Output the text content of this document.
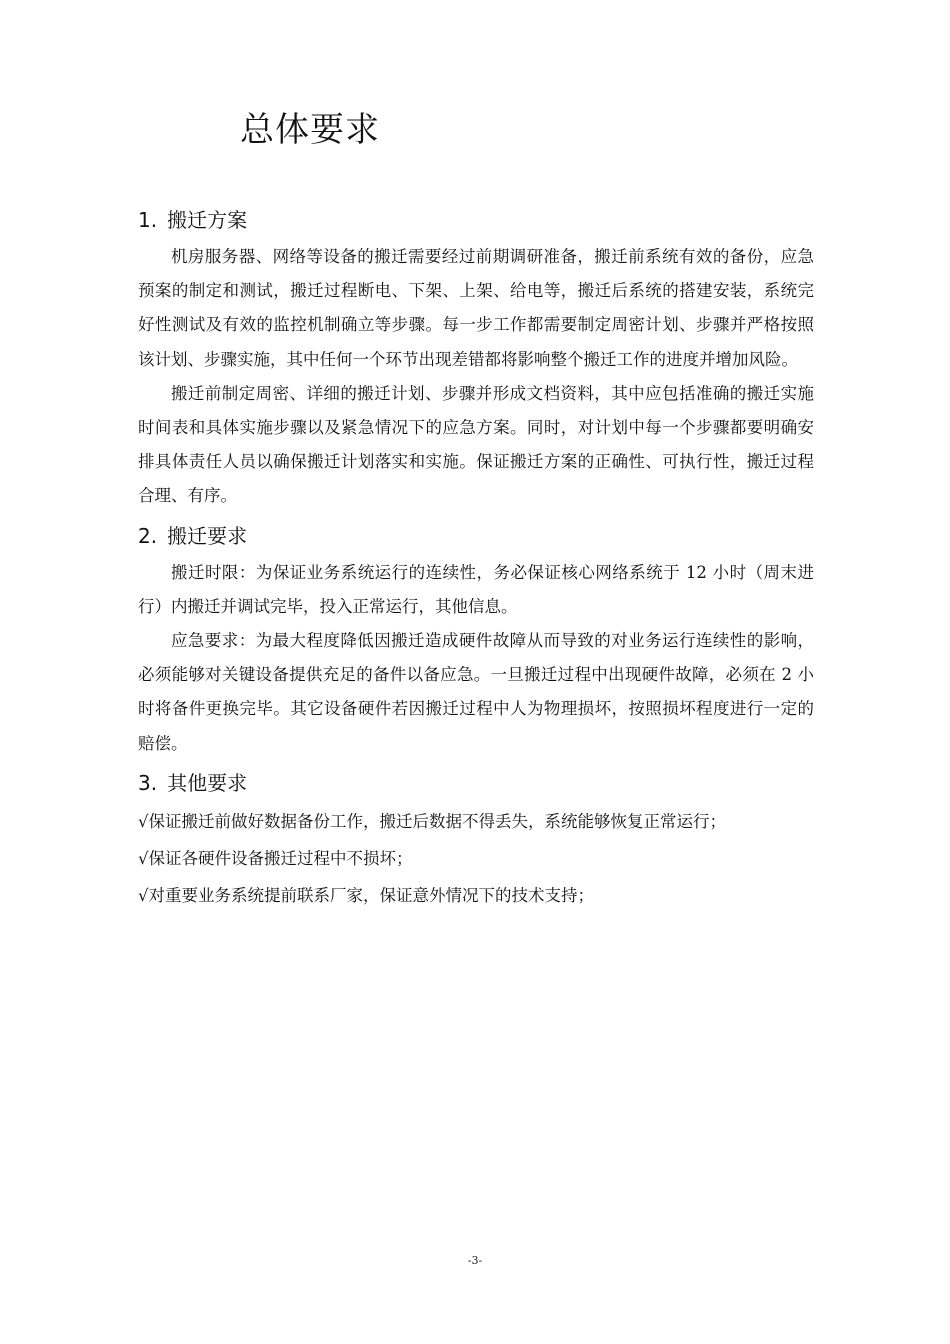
总体要求
1. 搬迁方案

机房服务器、网络等设备的搬迁需要经过前期调研准备，搬迁前系统有效的备份，应急预案的制定和测试，搬迁过程断电、下架、上架、给电等，搬迁后系统的搭建安装，系统完好性测试及有效的监控机制确立等步骤。每一步工作都需要制定周密计划、步骤并严格按照该计划、步骤实施，其中任何一个环节出现差错都将影响整个搬迁工作的进度并增加风险。

搬迁前制定周密、详细的搬迁计划、步骤并形成文档资料，其中应包括准确的搬迁实施时间表和具体实施步骤以及紧急情况下的应急方案。同时，对计划中每一个步骤都要明确安排具体责任人员以确保搬迁计划落实和实施。保证搬迁方案的正确性、可执行性，搬迁过程合理、有序。

2. 搬迁要求

搬迁时限：为保证业务系统运行的连续性，务必保证核心网络系统于 12 小时（周末进行）内搬迁并调试完毕，投入正常运行，其他信息。

应急要求：为最大程度降低因搬迁造成硬件故障从而导致的对业务运行连续性的影响，必须能够对关键设备提供充足的备件以备应急。一旦搬迁过程中出现硬件故障，必须在 2 小时将备件更换完毕。其它设备硬件若因搬迁过程中人为物理损坏，按照损坏程度进行一定的赔偿。

3. 其他要求
√保证搬迁前做好数据备份工作，搬迁后数据不得丢失，系统能够恢复正常运行；
√保证各硬件设备搬迁过程中不损坏；
√对重要业务系统提前联系厂家，保证意外情况下的技术支持；
-3-
